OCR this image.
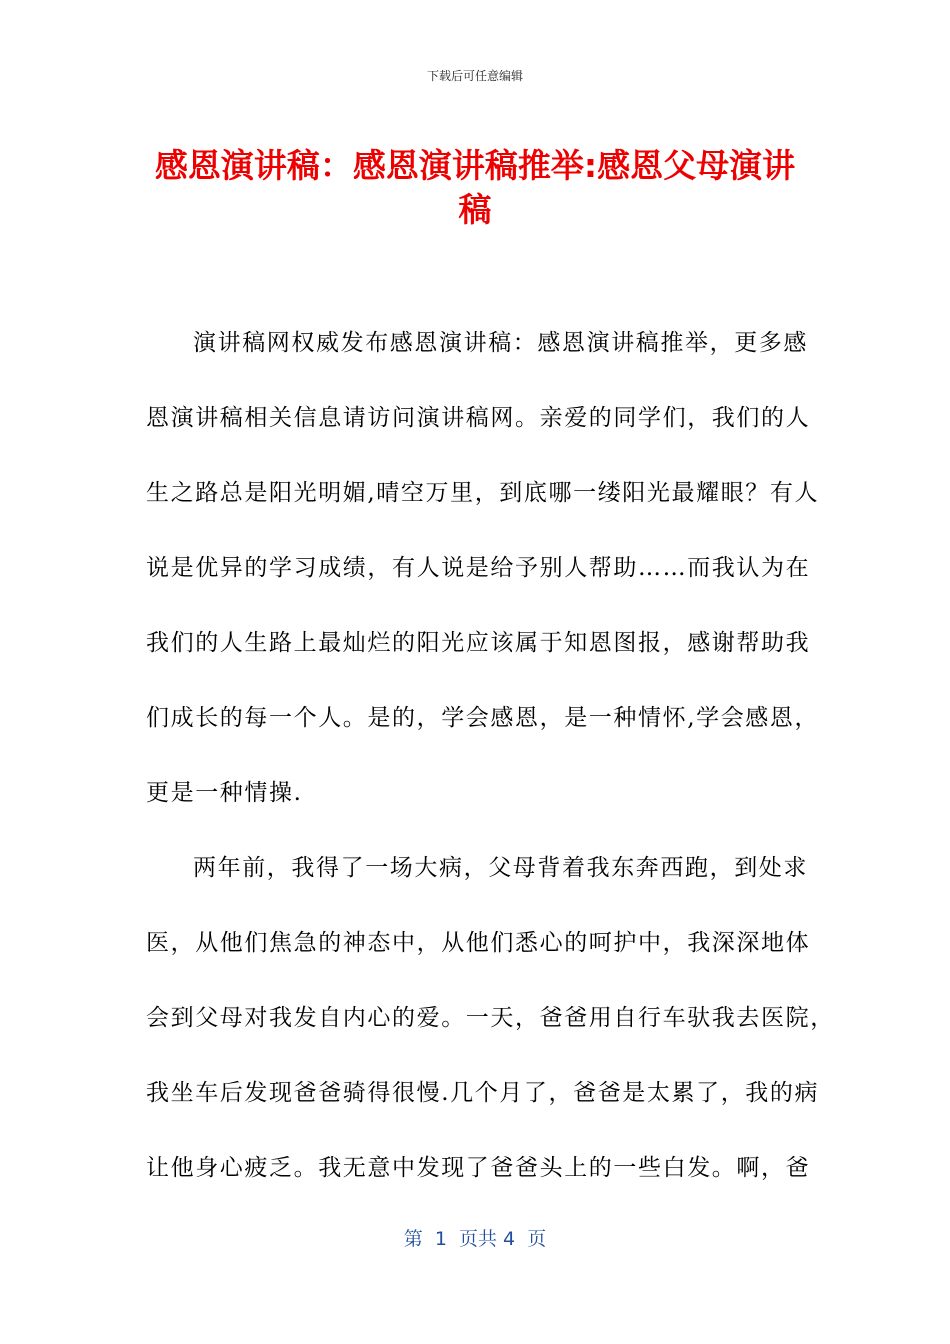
下载后可任意编辑
感恩演讲稿：感恩演讲稿推举:感恩父母演讲稿
演讲稿网权威发布感恩演讲稿：感恩演讲稿推举，更多感
恩演讲稿相关信息请访问演讲稿网。亲爱的同学们，我们的人
生之路总是阳光明媚,晴空万里，到底哪一缕阳光最耀眼？有人
说是优异的学习成绩，有人说是给予别人帮助……而我认为在
我们的人生路上最灿烂的阳光应该属于知恩图报，感谢帮助我
们成长的每一个人。是的，学会感恩，是一种情怀,学会感恩，
更是一种情操.
两年前，我得了一场大病，父母背着我东奔西跑，到处求
医，从他们焦急的神态中，从他们悉心的呵护中，我深深地体
会到父母对我发自内心的爱。一天，爸爸用自行车驮我去医院，
我坐车后发现爸爸骑得很慢.几个月了，爸爸是太累了，我的病
让他身心疲乏。我无意中发现了爸爸头上的一些白发。啊，爸
第  1  页共 4  页
